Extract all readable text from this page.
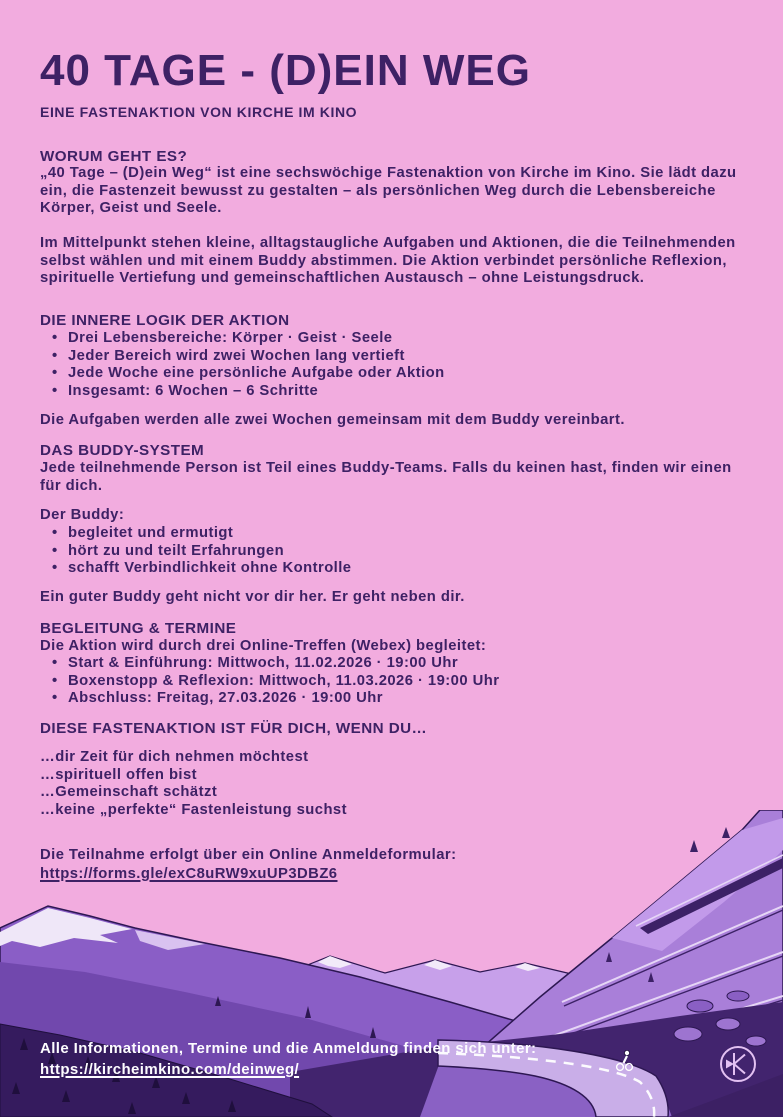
40 TAGE - (D)EIN WEG
EINE FASTENAKTION VON KIRCHE IM KINO
WORUM GEHT ES?
„40 Tage – (D)ein Weg“ ist eine sechswöchige Fastenaktion von Kirche im Kino. Sie lädt dazu ein, die Fastenzeit bewusst zu gestalten – als persönlichen Weg durch die Lebensbereiche Körper, Geist und Seele.
Im Mittelpunkt stehen kleine, alltagstaugliche Aufgaben und Aktionen, die die Teilnehmenden selbst wählen und mit einem Buddy abstimmen. Die Aktion verbindet persönliche Reflexion, spirituelle Vertiefung und gemeinschaftlichen Austausch – ohne Leistungsdruck.
DIE INNERE LOGIK DER AKTION
• Drei Lebensbereiche: Körper · Geist · Seele
• Jeder Bereich wird zwei Wochen lang vertieft
• Jede Woche eine persönliche Aufgabe oder Aktion
• Insgesamt: 6 Wochen – 6 Schritte
Die Aufgaben werden alle zwei Wochen gemeinsam mit dem Buddy vereinbart.
DAS BUDDY-SYSTEM
Jede teilnehmende Person ist Teil eines Buddy-Teams. Falls du keinen hast, finden wir einen für dich.
Der Buddy:
• begleitet und ermutigt
• hört zu und teilt Erfahrungen
• schafft Verbindlichkeit ohne Kontrolle
Ein guter Buddy geht nicht vor dir her. Er geht neben dir.
BEGLEITUNG & TERMINE
Die Aktion wird durch drei Online-Treffen (Webex) begleitet:
• Start & Einführung: Mittwoch, 11.02.2026 · 19:00 Uhr
• Boxenstopp & Reflexion: Mittwoch, 11.03.2026 · 19:00 Uhr
• Abschluss: Freitag, 27.03.2026 · 19:00 Uhr
DIESE FASTENAKTION IST FÜR DICH, WENN DU…
…dir Zeit für dich nehmen möchtest
…spirituell offen bist
…Gemeinschaft schätzt
…keine „perfekte“ Fastenleistung suchst
Die Teilnahme erfolgt über ein Online Anmeldeformular:
https://forms.gle/exC8uRW9xuUP3DBZ6
Alle Informationen, Termine und die Anmeldung finden sich unter:
https://kircheimkino.com/deinweg/
